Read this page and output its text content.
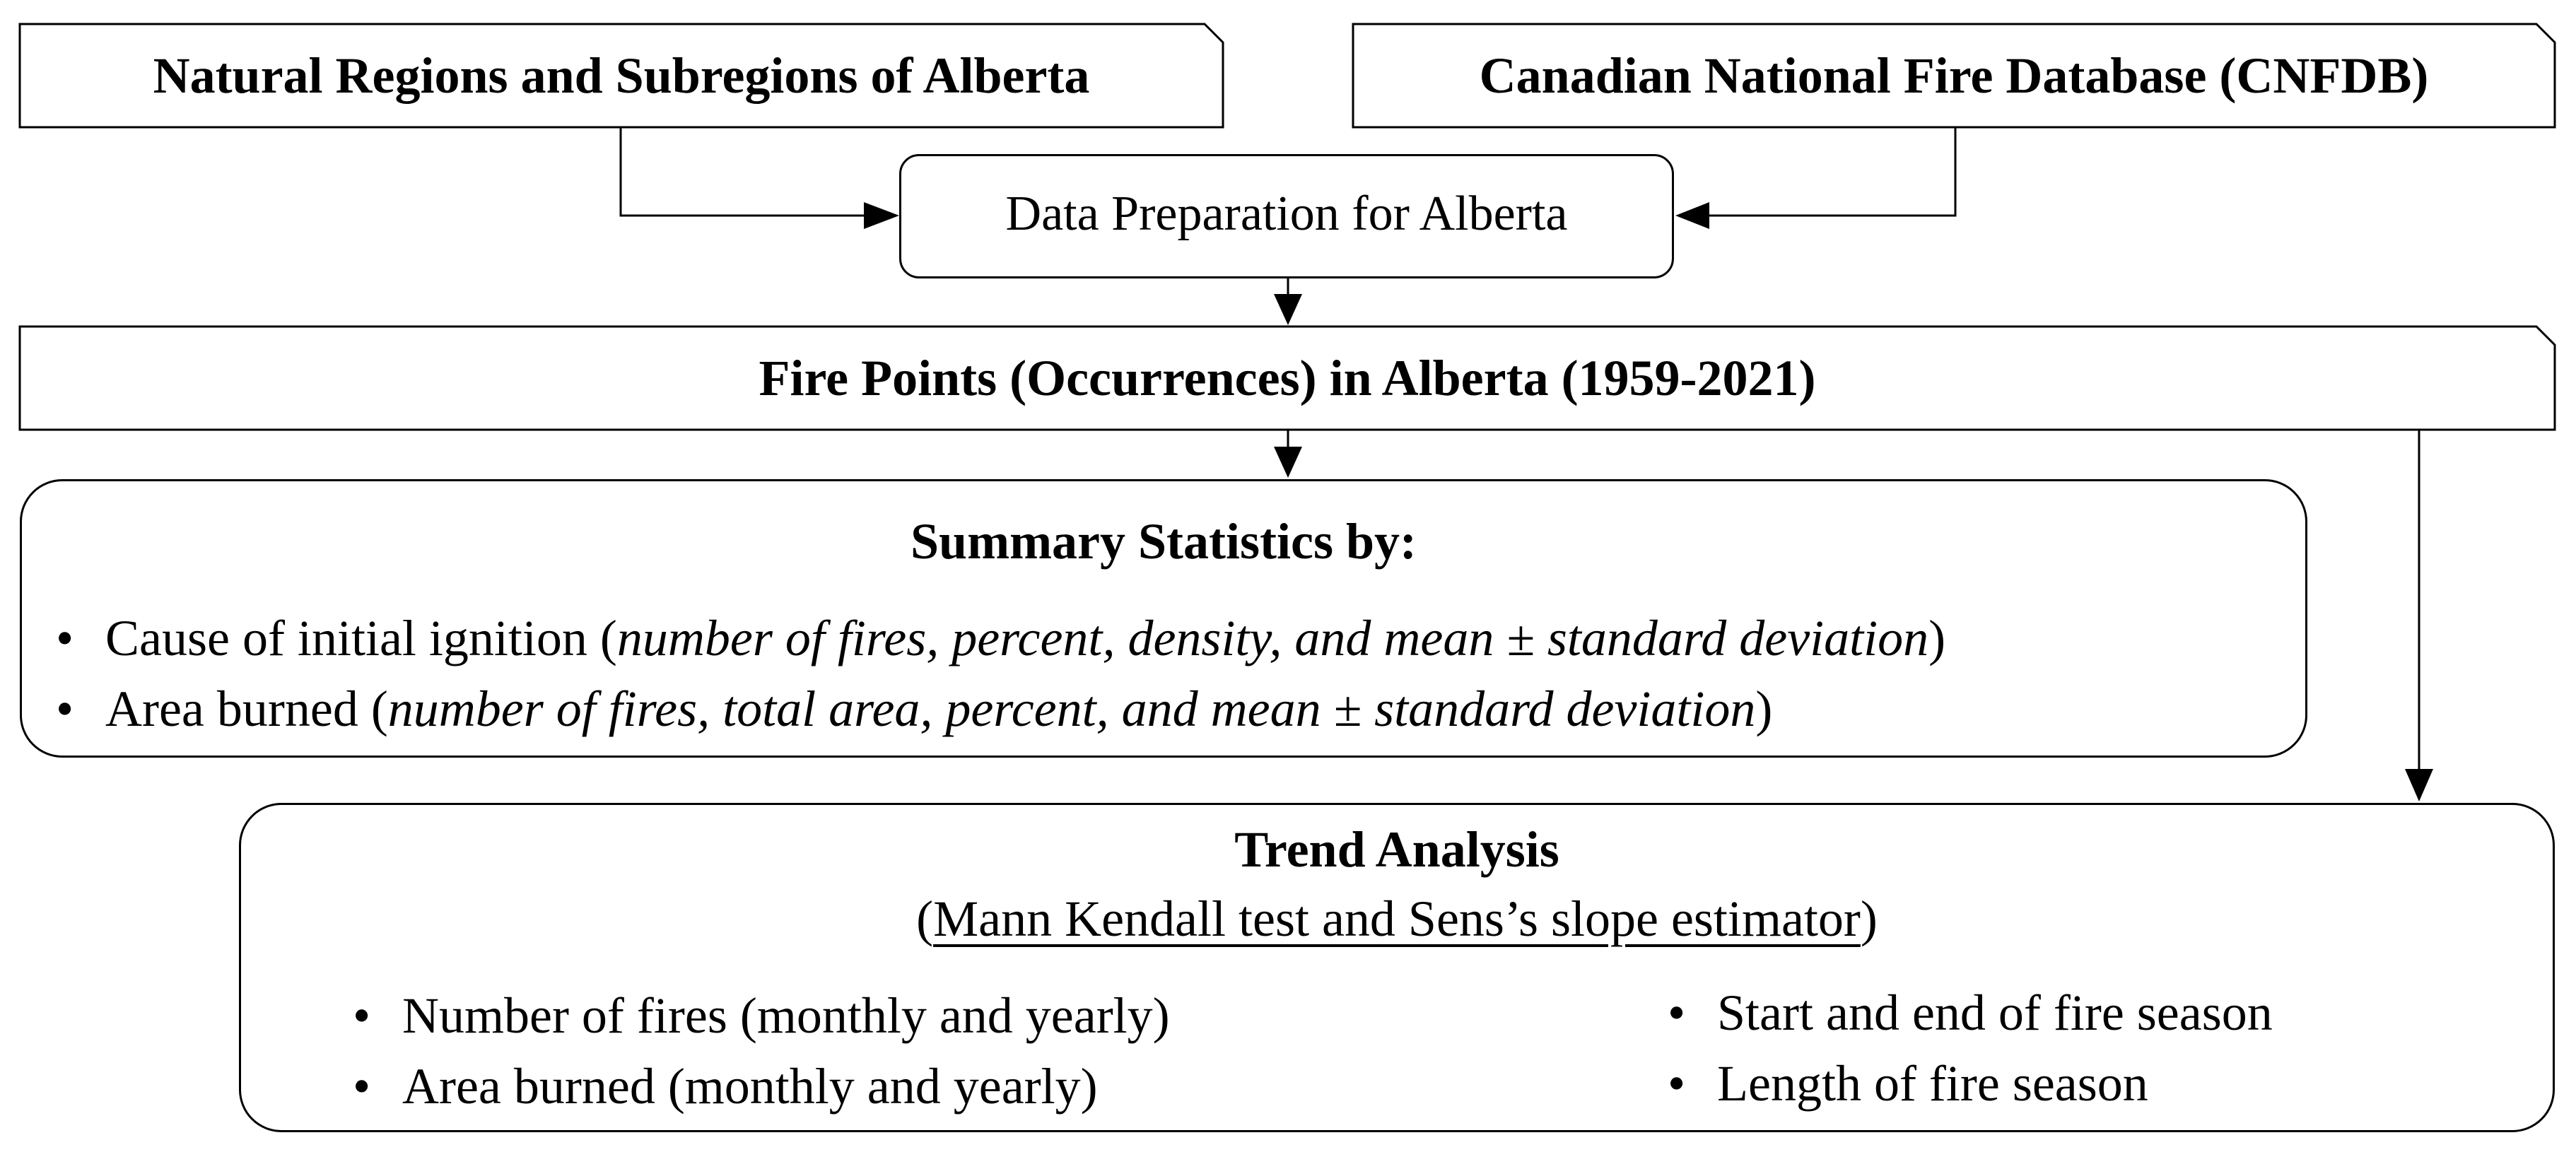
Natural Regions and Subregions of Alberta	Canadian National Fire Database (CNFDB)
Data Preparation for Alberta
Fire Points (Occurrences) in Alberta (1959-2021)
Summary Statistics by:
• Cause of initial ignition (number of fires, percent, density, and mean ± standard deviation)
• Area burned (number of fires, total area, percent, and mean ± standard deviation)
Trend Analysis
(Mann Kendall test and Sens’s slope estimator)
• Number of fires (monthly and yearly)
• Area burned (monthly and yearly)
• Start and end of fire season
• Length of fire season
